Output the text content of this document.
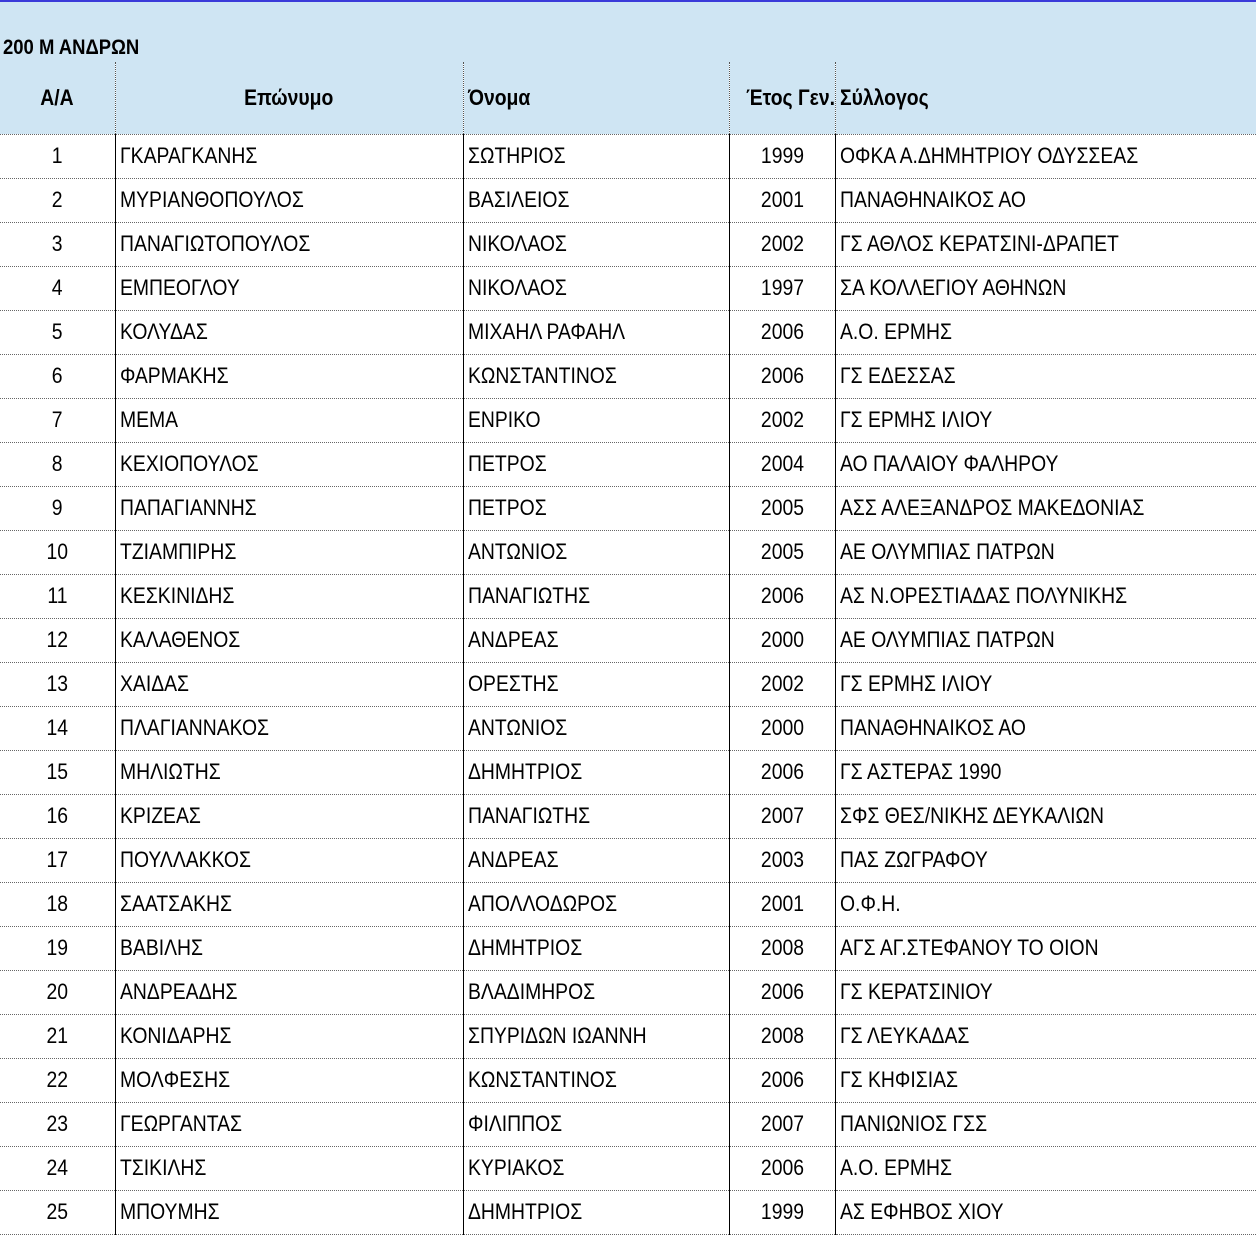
200 Μ ΑΝΔΡΩΝ
Α/Α	Επώνυμο	Όνομα	Έτος Γεν.	Σύλλογος
1	ΓΚΑΡΑΓΚΑΝΗΣ	ΣΩΤΗΡΙΟΣ	1999	ΟΦΚΑ Α.ΔΗΜΗΤΡΙΟΥ ΟΔΥΣΣΕΑΣ
2	ΜΥΡΙΑΝΘΟΠΟΥΛΟΣ	ΒΑΣΙΛΕΙΟΣ	2001	ΠΑΝΑΘΗΝΑΙΚΟΣ ΑΟ
3	ΠΑΝΑΓΙΩΤΟΠΟΥΛΟΣ	ΝΙΚΟΛΑΟΣ	2002	ΓΣ ΑΘΛΟΣ ΚΕΡΑΤΣΙΝΙ-ΔΡΑΠΕΤ
4	ΕΜΠΕΟΓΛΟΥ	ΝΙΚΟΛΑΟΣ	1997	ΣΑ ΚΟΛΛΕΓΙΟΥ ΑΘΗΝΩΝ
5	ΚΟΛΥΔΑΣ	ΜΙΧΑΗΛ ΡΑΦΑΗΛ	2006	Α.Ο. ΕΡΜΗΣ
6	ΦΑΡΜΑΚΗΣ	ΚΩΝΣΤΑΝΤΙΝΟΣ	2006	ΓΣ ΕΔΕΣΣΑΣ
7	ΜΕΜΑ	ΕΝΡΙΚΟ	2002	ΓΣ ΕΡΜΗΣ ΙΛΙΟΥ
8	ΚΕΧΙΟΠΟΥΛΟΣ	ΠΕΤΡΟΣ	2004	ΑΟ ΠΑΛΑΙΟΥ ΦΑΛΗΡΟΥ
9	ΠΑΠΑΓΙΑΝΝΗΣ	ΠΕΤΡΟΣ	2005	ΑΣΣ ΑΛΕΞΑΝΔΡΟΣ ΜΑΚΕΔΟΝΙΑΣ
10	ΤΖΙΑΜΠΙΡΗΣ	ΑΝΤΩΝΙΟΣ	2005	ΑΕ ΟΛΥΜΠΙΑΣ ΠΑΤΡΩΝ
11	ΚΕΣΚΙΝΙΔΗΣ	ΠΑΝΑΓΙΩΤΗΣ	2006	ΑΣ Ν.ΟΡΕΣΤΙΑΔΑΣ ΠΟΛΥΝΙΚΗΣ
12	ΚΑΛΑΘΕΝΟΣ	ΑΝΔΡΕΑΣ	2000	ΑΕ ΟΛΥΜΠΙΑΣ ΠΑΤΡΩΝ
13	ΧΑΙΔΑΣ	ΟΡΕΣΤΗΣ	2002	ΓΣ ΕΡΜΗΣ ΙΛΙΟΥ
14	ΠΛΑΓΙΑΝΝΑΚΟΣ	ΑΝΤΩΝΙΟΣ	2000	ΠΑΝΑΘΗΝΑΙΚΟΣ ΑΟ
15	ΜΗΛΙΩΤΗΣ	ΔΗΜΗΤΡΙΟΣ	2006	ΓΣ ΑΣΤΕΡΑΣ 1990
16	ΚΡΙΖΕΑΣ	ΠΑΝΑΓΙΩΤΗΣ	2007	ΣΦΣ ΘΕΣ/ΝΙΚΗΣ ΔΕΥΚΑΛΙΩΝ
17	ΠΟΥΛΛΑΚΚΟΣ	ΑΝΔΡΕΑΣ	2003	ΠΑΣ ΖΩΓΡΑΦΟΥ
18	ΣΑΑΤΣΑΚΗΣ	ΑΠΟΛΛΟΔΩΡΟΣ	2001	Ο.Φ.Η.
19	ΒΑΒΙΛΗΣ	ΔΗΜΗΤΡΙΟΣ	2008	ΑΓΣ ΑΓ.ΣΤΕΦΑΝΟΥ ΤΟ ΟΙΟΝ
20	ΑΝΔΡΕΑΔΗΣ	ΒΛΑΔΙΜΗΡΟΣ	2006	ΓΣ ΚΕΡΑΤΣΙΝΙΟΥ
21	ΚΟΝΙΔΑΡΗΣ	ΣΠΥΡΙΔΩΝ ΙΩΑΝΝΗ	2008	ΓΣ ΛΕΥΚΑΔΑΣ
22	ΜΟΛΦΕΣΗΣ	ΚΩΝΣΤΑΝΤΙΝΟΣ	2006	ΓΣ ΚΗΦΙΣΙΑΣ
23	ΓΕΩΡΓΑΝΤΑΣ	ΦΙΛΙΠΠΟΣ	2007	ΠΑΝΙΩΝΙΟΣ ΓΣΣ
24	ΤΣΙΚΙΛΗΣ	ΚΥΡΙΑΚΟΣ	2006	Α.Ο. ΕΡΜΗΣ
25	ΜΠΟΥΜΗΣ	ΔΗΜΗΤΡΙΟΣ	1999	ΑΣ ΕΦΗΒΟΣ ΧΙΟΥ
